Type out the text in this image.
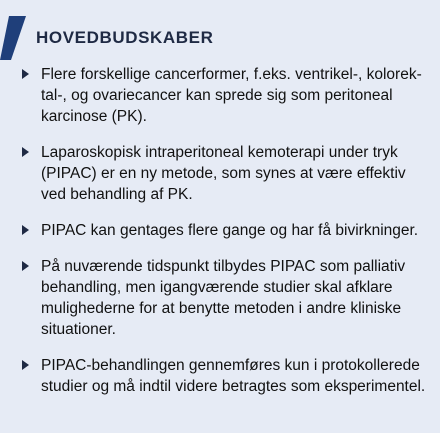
HOVEDBUDSKABER
Flere forskellige cancerformer, f.eks. ventrikel-, kolorek-tal-, og ovariecancer kan sprede sig som peritoneal karcinose (PK).
Laparoskopisk intraperitoneal kemoterapi under tryk (PIPAC) er en ny metode, som synes at være effektiv ved behandling af PK.
PIPAC kan gentages flere gange og har få bivirkninger.
På nuværende tidspunkt tilbydes PIPAC som palliativ behandling, men igangværende studier skal afklare mulighederne for at benytte metoden i andre kliniske situationer.
PIPAC-behandlingen gennemføres kun i protokollerede studier og må indtil videre betragtes som eksperimentel.
